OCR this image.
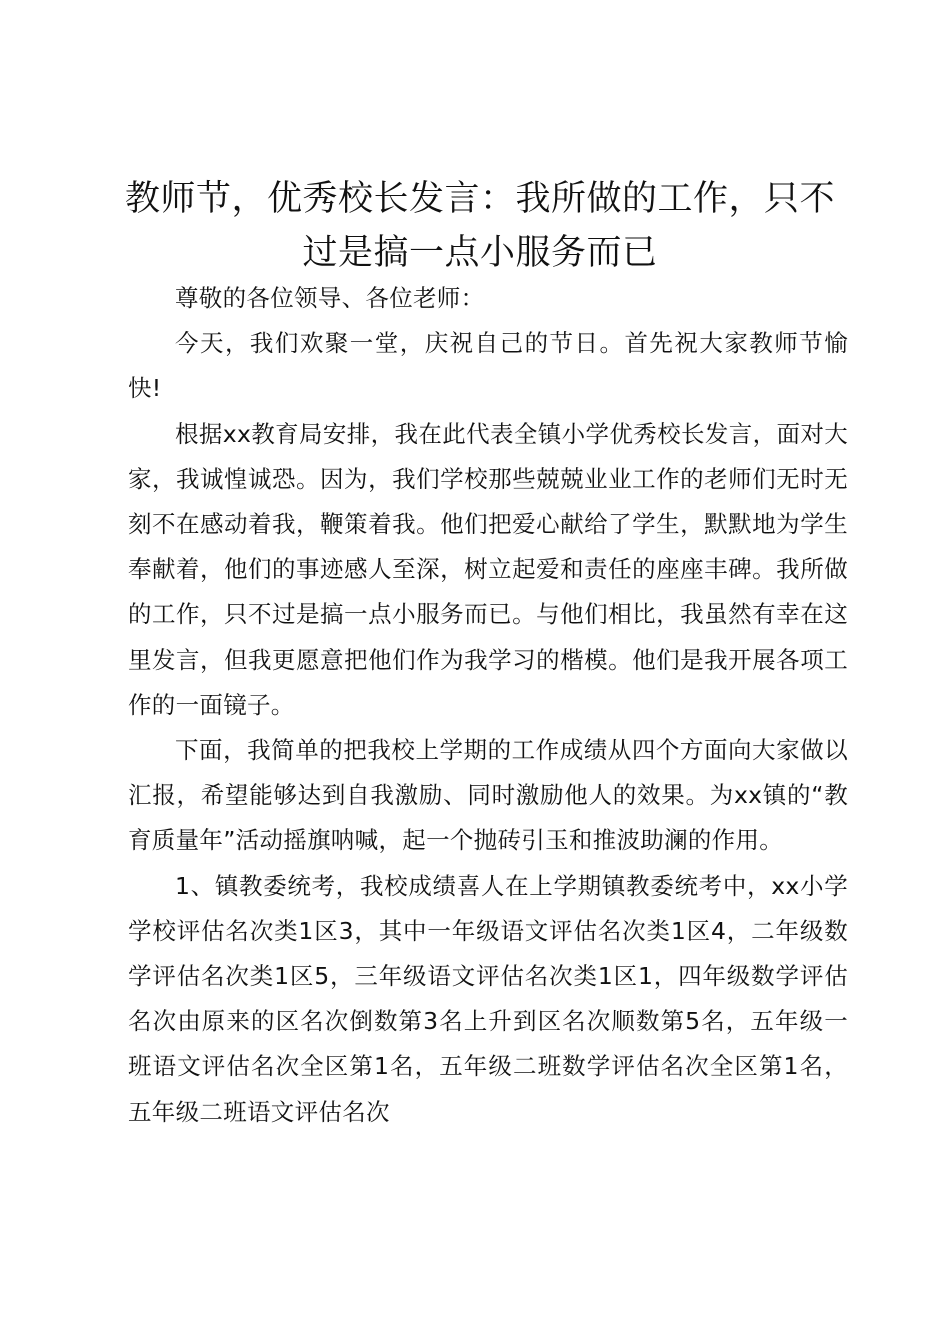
教师节，优秀校长发言：我所做的工作，只不过是搞一点小服务而已

尊敬的各位领导、各位老师：

今天，我们欢聚一堂，庆祝自己的节日。首先祝大家教师节愉快!

根据xx教育局安排，我在此代表全镇小学优秀校长发言，面对大家，我诚惶诚恐。因为，我们学校那些兢兢业业工作的老师们无时无刻不在感动着我，鞭策着我。他们把爱心献给了学生，默默地为学生奉献着，他们的事迹感人至深，树立起爱和责任的座座丰碑。我所做的工作，只不过是搞一点小服务而已。与他们相比，我虽然有幸在这里发言，但我更愿意把他们作为我学习的楷模。他们是我开展各项工作的一面镜子。

下面，我简单的把我校上学期的工作成绩从四个方面向大家做以汇报，希望能够达到自我激励、同时激励他人的效果。为xx镇的“教育质量年”活动摇旗呐喊，起一个抛砖引玉和推波助澜的作用。

1、镇教委统考，我校成绩喜人在上学期镇教委统考中，xx小学学校评估名次类1区3，其中一年级语文评估名次类1区4，二年级数学评估名次类1区5，三年级语文评估名次类1区1，四年级数学评估名次由原来的区名次倒数第3名上升到区名次顺数第5名，五年级一班语文评估名次全区第1名，五年级二班数学评估名次全区第1名，五年级二班语文评估名次
